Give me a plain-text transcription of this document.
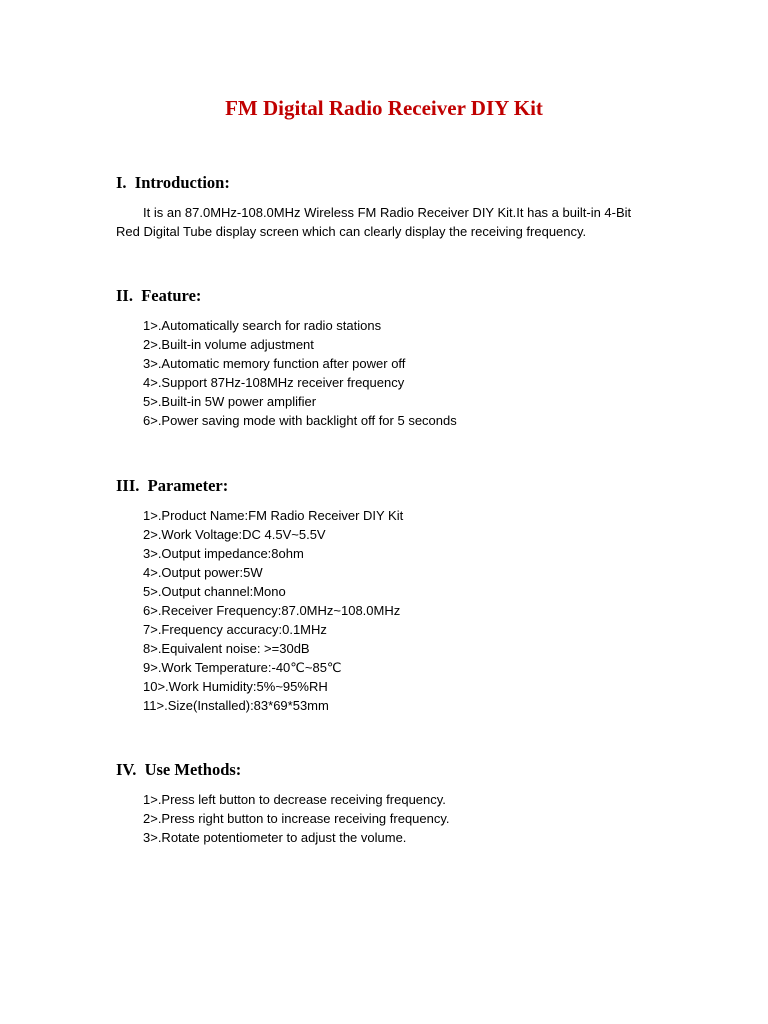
FM Digital Radio Receiver DIY Kit
I.  Introduction:

It is an 87.0MHz-108.0MHz Wireless FM Radio Receiver DIY Kit.It has a built-in 4-Bit Red Digital Tube display screen which can clearly display the receiving frequency.

II.  Feature:
1>.Automatically search for radio stations
2>.Built-in volume adjustment
3>.Automatic memory function after power off
4>.Support 87Hz-108MHz receiver frequency
5>.Built-in 5W power amplifier
6>.Power saving mode with backlight off for 5 seconds
III.  Parameter:
1>.Product Name:FM Radio Receiver DIY Kit
2>.Work Voltage:DC 4.5V~5.5V
3>.Output impedance:8ohm
4>.Output power:5W
5>.Output channel:Mono
6>.Receiver Frequency:87.0MHz~108.0MHz
7>.Frequency accuracy:0.1MHz
8>.Equivalent noise: >=30dB
9>.Work Temperature:-40℃~85℃
10>.Work Humidity:5%~95%RH
11>.Size(Installed):83*69*53mm
IV.  Use Methods:
1>.Press left button to decrease receiving frequency.
2>.Press right button to increase receiving frequency.
3>.Rotate potentiometer to adjust the volume.
